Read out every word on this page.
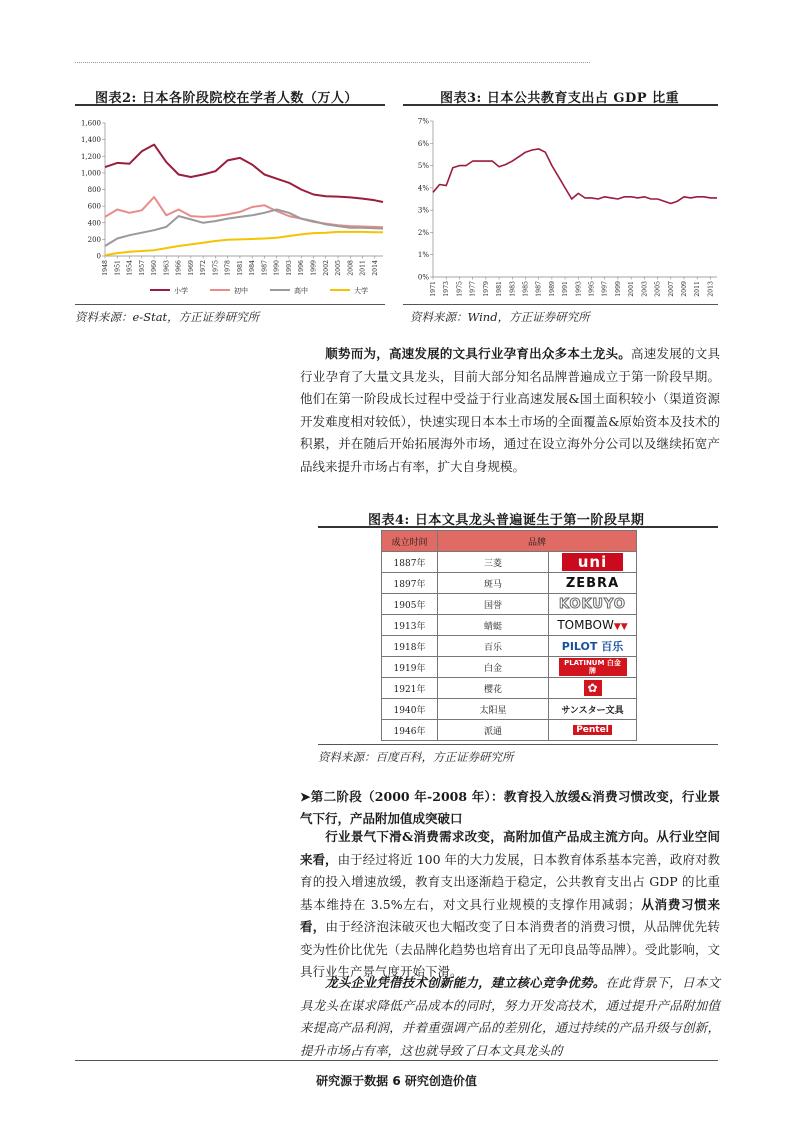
图表2: 日本各阶段院校在学者人数（万人）
0
200
400
600
800
1,000
1,200
1,400
1,600
1948 1951 1954 1957 1960 1963 1966 1969 1972 1975 1978 1981 1984 1987 1990 1993 1996 1999 2002 2005 2008 2011 2014
小学	初中	高中	大学
资料来源：e-Stat，方正证券研究所
图表3: 日本公共教育支出占 GDP 比重
0%
1%
2%
3%
4%
5%
6%
7%
1971 1973 1975 1977 1979 1981 1983 1985 1987 1989 1991 1993 1995 1997 1999 2001 2003 2005 2007 2009 2011 2013
资料来源：Wind，方正证券研究所
顺势而为，高速发展的文具行业孕育出众多本土龙头。高速发展的文具行业孕育了大量文具龙头，目前大部分知名品牌普遍成立于第一阶段早期。他们在第一阶段成长过程中受益于行业高速发展&国土面积较小（渠道资源开发难度相对较低），快速实现日本本土市场的全面覆盖&原始资本及技术的积累，并在随后开始拓展海外市场，通过在设立海外分公司以及继续拓宽产品线来提升市场占有率，扩大自身规模。
图表4: 日本文具龙头普遍诞生于第一阶段早期
成立时间	品牌	
1887年	三菱	uni
1897年	斑马	ZEBRA
1905年	国誉	KOKUYO
1913年	蜻蜓	TOMBOW▼▼
1918年	百乐	PILOT 百乐
1919年	白金	PLATINUM 白金牌
1921年	樱花	✿
1940年	太阳星	サンスター文具
1946年	派通	Pentel
资料来源：百度百科，方正证券研究所
➤第二阶段（2000 年-2008 年）：教育投入放缓&消费习惯改变，行业景气下行，产品附加值成突破口
行业景气下滑&消费需求改变，高附加值产品成主流方向。从行业空间来看，由于经过将近 100 年的大力发展，日本教育体系基本完善，政府对教育的投入增速放缓，教育支出逐渐趋于稳定，公共教育支出占 GDP 的比重基本维持在 3.5%左右，对文具行业规模的支撑作用减弱；从消费习惯来看，由于经济泡沫破灭也大幅改变了日本消费者的消费习惯，从品牌优先转变为性价比优先（去品牌化趋势也培育出了无印良品等品牌）。受此影响，文具行业生产景气度开始下滑。
龙头企业凭借技术创新能力，建立核心竞争优势。在此背景下，日本文具龙头在谋求降低产品成本的同时，努力开发高技术，通过提升产品附加值来提高产品利润，并着重强调产品的差别化，通过持续的产品升级与创新，提升市场占有率，这也就导致了日本文具龙头的
研究源于数据 6 研究创造价值
